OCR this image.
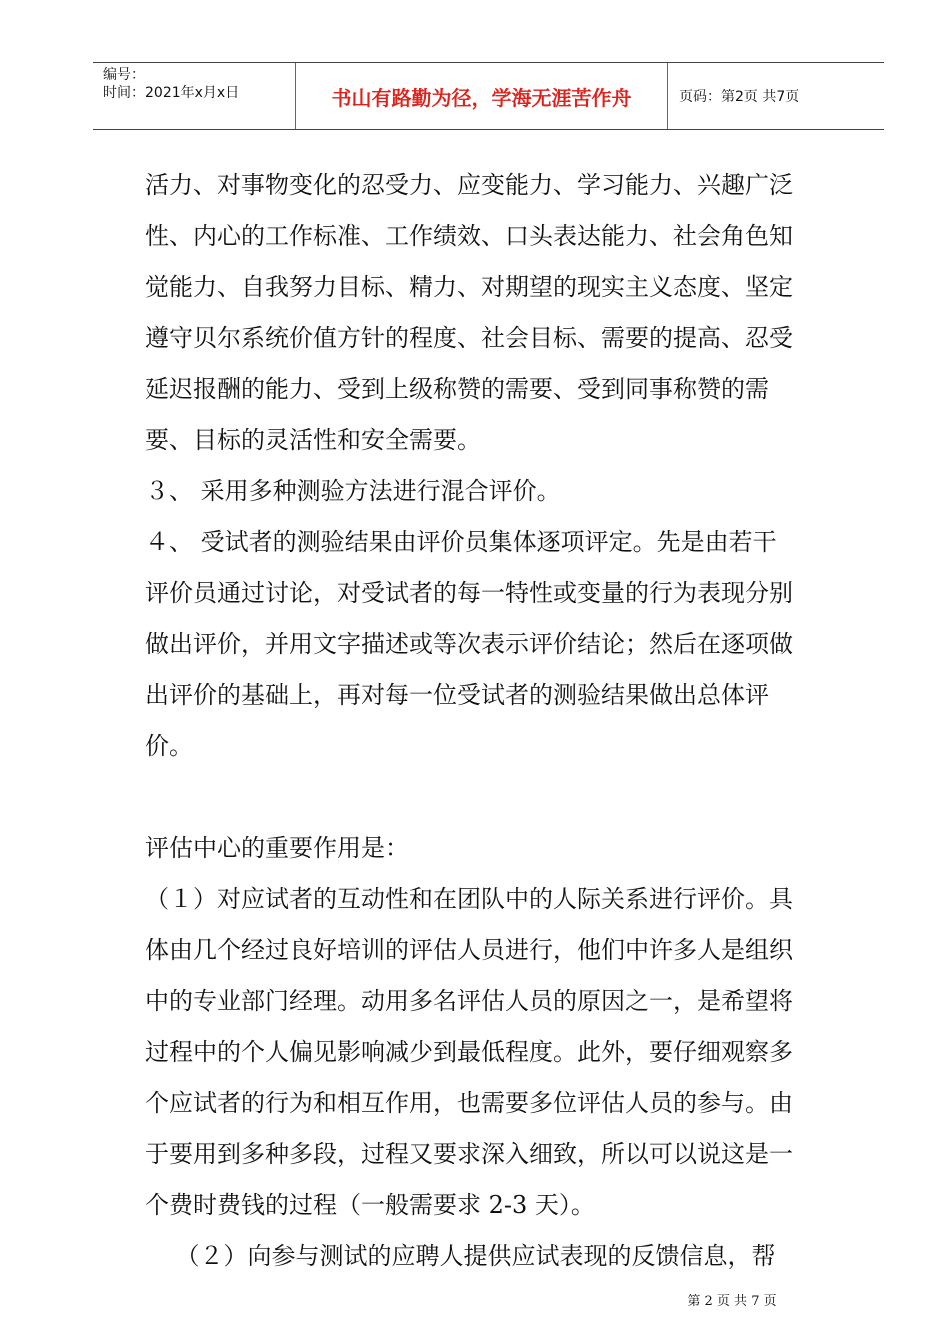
编号：
时间：2021年x月x日	书山有路勤为径，学海无涯苦作舟	页码：第2页 共7页

活力、对事物变化的忍受力、应变能力、学习能力、兴趣广泛

性、内心的工作标准、工作绩效、口头表达能力、社会角色知

觉能力、自我努力目标、精力、对期望的现实主义态度、坚定

遵守贝尔系统价值方针的程度、社会目标、需要的提高、忍受

延迟报酬的能力、受到上级称赞的需要、受到同事称赞的需

要、目标的灵活性和安全需要。

３、 采用多种测验方法进行混合评价。

４、 受试者的测验结果由评价员集体逐项评定。先是由若干

评价员通过讨论，对受试者的每一特性或变量的行为表现分别

做出评价，并用文字描述或等次表示评价结论；然后在逐项做

出评价的基础上，再对每一位受试者的测验结果做出总体评

价。

评估中心的重要作用是：

（１）对应试者的互动性和在团队中的人际关系进行评价。具

体由几个经过良好培训的评估人员进行，他们中许多人是组织

中的专业部门经理。动用多名评估人员的原因之一，是希望将

过程中的个人偏见影响减少到最低程度。此外，要仔细观察多

个应试者的行为和相互作用，也需要多位评估人员的参与。由

于要用到多种多段，过程又要求深入细致，所以可以说这是一

个费时费钱的过程（一般需要求 2-3 天）。

（２）向参与测试的应聘人提供应试表现的反馈信息，帮

第 2 页 共 7 页
